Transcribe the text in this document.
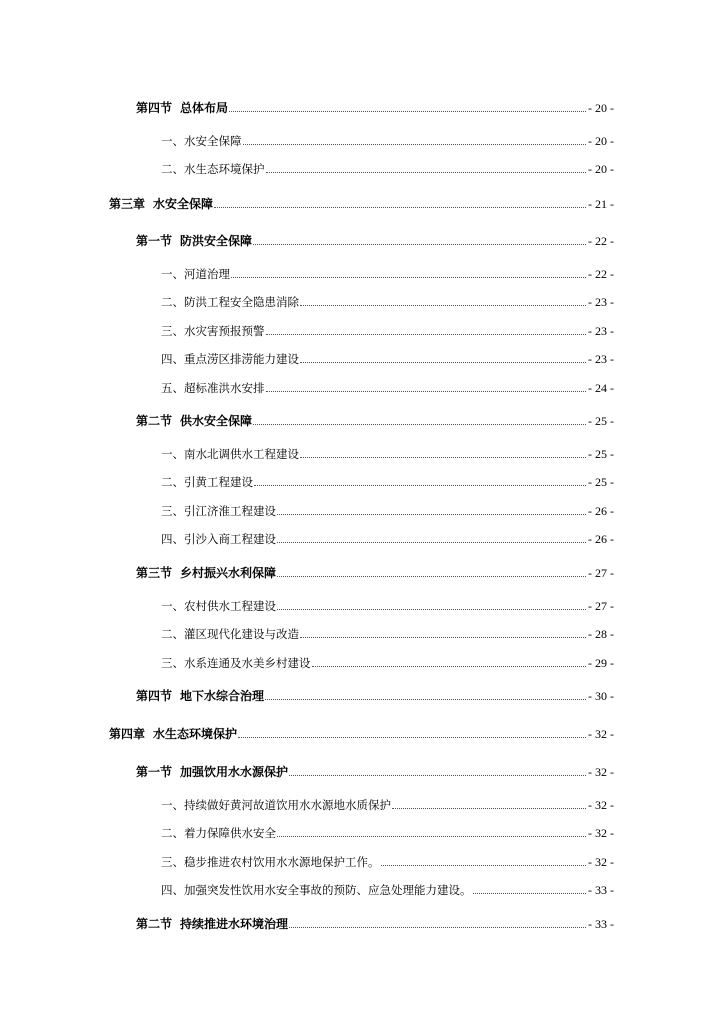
第四节 总体布局	- 20 -
一、水安全保障	- 20 -
二、水生态环境保护	- 20 -
第三章 水安全保障	- 21 -
第一节 防洪安全保障	- 22 -
一、河道治理	- 22 -
二、防洪工程安全隐患消除	- 23 -
三、水灾害预报预警	- 23 -
四、重点涝区排涝能力建设	- 23 -
五、超标准洪水安排	- 24 -
第二节 供水安全保障	- 25 -
一、南水北调供水工程建设	- 25 -
二、引黄工程建设	- 25 -
三、引江济淮工程建设	- 26 -
四、引沙入商工程建设	- 26 -
第三节 乡村振兴水利保障	- 27 -
一、农村供水工程建设	- 27 -
二、灌区现代化建设与改造	- 28 -
三、水系连通及水美乡村建设	- 29 -
第四节 地下水综合治理	- 30 -
第四章 水生态环境保护	- 32 -
第一节 加强饮用水水源保护	- 32 -
一、持续做好黄河故道饮用水水源地水质保护	- 32 -
二、着力保障供水安全	- 32 -
三、稳步推进农村饮用水水源地保护工作。	- 32 -
四、加强突发性饮用水安全事故的预防、应急处理能力建设。	- 33 -
第二节 持续推进水环境治理	- 33 -
